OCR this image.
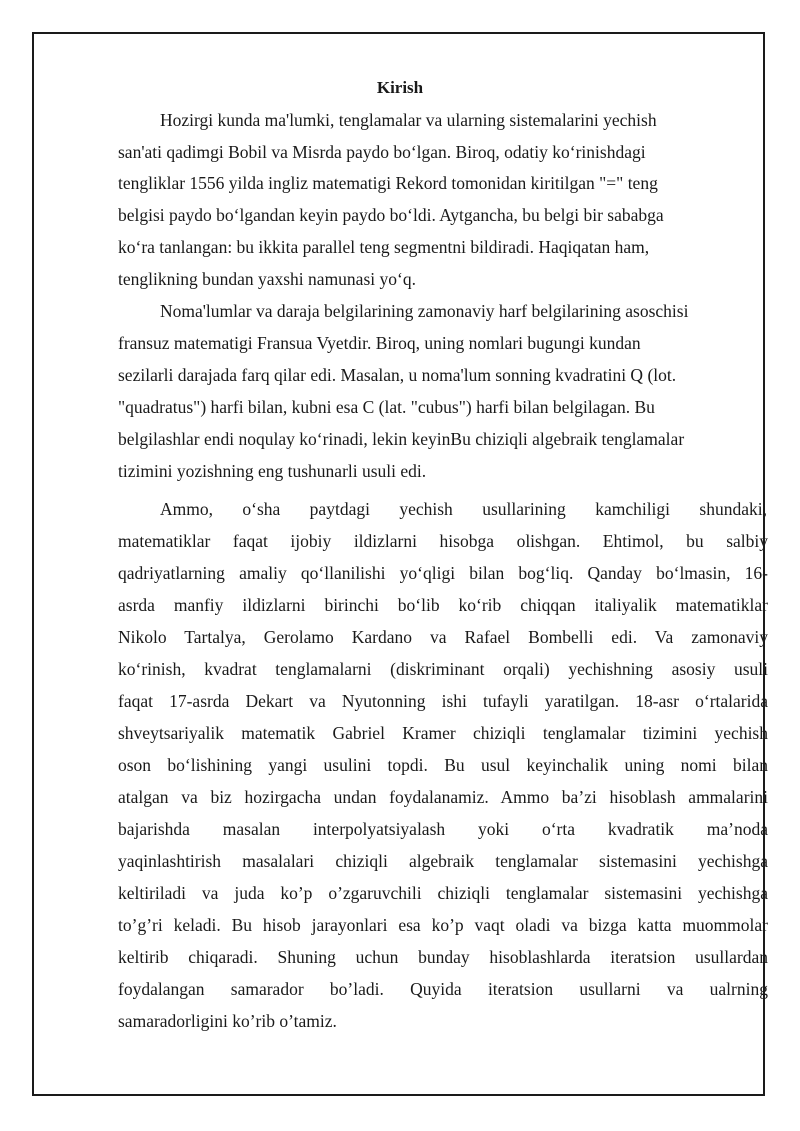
Kirish
Hozirgi kunda ma'lumki, tenglamalar va ularning sistemalarini yechish
san'ati qadimgi Bobil va Misrda paydo bo‘lgan. Biroq, odatiy ko‘rinishdagi
tengliklar 1556 yilda ingliz matematigi Rekord tomonidan kiritilgan "=" teng
belgisi paydo bo‘lgandan keyin paydo bo‘ldi. Aytgancha, bu belgi bir sababga
ko‘ra tanlangan: bu ikkita parallel teng segmentni bildiradi. Haqiqatan ham,
tenglikning bundan yaxshi namunasi yo‘q.
Noma'lumlar va daraja belgilarining zamonaviy harf belgilarining asoschisi
fransuz matematigi Fransua Vyetdir. Biroq, uning nomlari bugungi kundan
sezilarli darajada farq qilar edi. Masalan, u noma'lum sonning kvadratini Q (lot.
"quadratus") harfi bilan, kubni esa C (lat. "cubus") harfi bilan belgilagan. Bu
belgilashlar endi noqulay ko‘rinadi, lekin keyinBu chiziqli algebraik tenglamalar
tizimini yozishning eng tushunarli usuli edi.
Ammo, o‘sha paytdagi yechish usullarining kamchiligi shundaki,
matematiklar faqat ijobiy ildizlarni hisobga olishgan. Ehtimol, bu salbiy
qadriyatlarning amaliy qo‘llanilishi yo‘qligi bilan bog‘liq. Qanday bo‘lmasin, 16-
asrda manfiy ildizlarni birinchi bo‘lib ko‘rib chiqqan italiyalik matematiklar
Nikolo Tartalya, Gerolamo Kardano va Rafael Bombelli edi. Va zamonaviy
ko‘rinish, kvadrat tenglamalarni (diskriminant orqali) yechishning asosiy usuli
faqat 17-asrda Dekart va Nyutonning ishi tufayli yaratilgan. 18-asr o‘rtalarida
shveytsariyalik matematik Gabriel Kramer chiziqli tenglamalar tizimini yechish
oson bo‘lishining yangi usulini topdi. Bu usul keyinchalik uning nomi bilan
atalgan va biz hozirgacha undan foydalanamiz. Ammo ba’zi hisoblash ammalarini
bajarishda masalan interpolyatsiyalash yoki o‘rta kvadratik ma’noda
yaqinlashtirish masalalari chiziqli algebraik tenglamalar sistemasini yechishga
keltiriladi va juda ko’p o’zgaruvchili chiziqli tenglamalar sistemasini yechishga
to’g’ri keladi. Bu hisob jarayonlari esa ko’p vaqt oladi va bizga katta muommolar
keltirib chiqaradi. Shuning uchun bunday hisoblashlarda iteratsion usullardan
foydalangan samarador bo’ladi. Quyida iteratsion usullarni va ualrning
samaradorligini ko’rib o’tamiz.
